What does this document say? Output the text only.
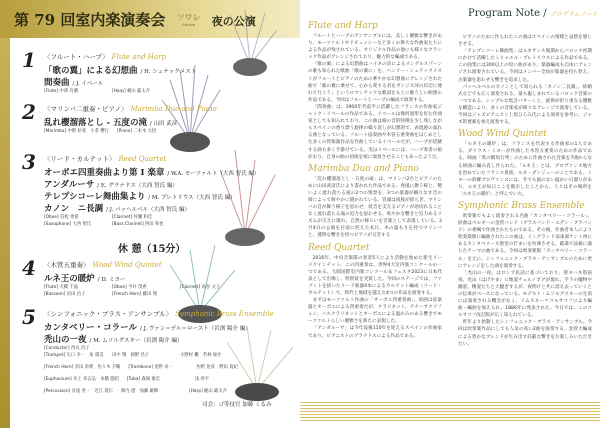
第 79 回室内楽演奏会 ソワレ
Soirée	夜の公演
1 〈フルート・ハープ〉 Flute and Harp
「歌の翼」による幻想曲 / H. シェテックメスト
間奏曲 / J. イベール
[Flute] 中澤 有蘭	[Harp] 梶山 厳太介
2 〈マリンバ二重奏・ピアノ〉 Marimba Duo and Piano
乱れ櫻溜落とし - 五度の滝 / 山田 武彦
[Marimba] 中野 絵希　小茶 響行 [Piano] 二木木 大悟
3 〈リード・カルテット〉 Reed Quartet
オーボエ四重奏曲より第 I 楽章 / W.A. モーツァルト（大西 智氏 編）
アンダルーサ / E. グラナドス（大西 智氏 編）
テレプシコーレ舞曲集より / M. プレトリウス（大西 智氏 編）
カノン　ニ長調 / J. パッヘルベル（大西 智氏 編）
[Oboe] 信松 勇希	[Clarinet] 村瀬 和佳
[Saxophone] 大西 智氏	[Bass Clarinet] 西田 和也
4 〈木管五重奏〉 Wood Wind Quintet
ルネ王の暖炉 / D. ミヨー
[Flute] 大橋 千晶	[Oboe] 今井 茂香	[Clarinet] 高谷 文子
[Bassoon] 岩田 昌子	[French Horn] 藤田 翔
5 〈シンフォニック・ブラス・アンサンブル〉 Symphonic Brass Ensemble
カンタベリー・コラール / J. ヴァン＝デル＝ロースト（岩渕 陽介 編）
禿山の一夜 / M. ムソルグスキー（岩渕 陽介 編）
[Conductor] 待丸 昌子
[Trumpet] 矢口 幸一　角 瑠美 田中 翔　岡野 昌子	小野村 楓　若林 俊介
[French Horn] 赤田 余菜　佐々木 夕稀 [Trombone] 星野 卓一	佐野 晃彦　野田 真紀
[Euphonium] 井上 喜志弘　本橋 悠昭 [Tuba] 森岡 康宏	浅 淳平
[Percussion] 長尾 英一　近江 義広 陣内 遼　加藤 雄輝	[Harp] 梶山 厳太介
休 憩（15分）
司会：ゴ等技官 加藤 くるみ
Flute and Harp

フルートとハープのアンサンブルには、美しく優雅な響きがあり、モーツァルトやドビュッシーなど多くの偉大な作曲家たちによる作品が残されている。オリジナル作品の他にも様々なクラシック作品がアレンジされており、魅力的な編成である。

「歌の翼」による幻想曲はハイネの詩によるメンデルスゾーンの歌も知られた歌曲「歌の翼に」を、ヘンリー・シェテックメストがフルートとピアノのための華やかな幻想曲にアレンジされた曲で「歌の翼に乗せて、心から愛する君をガンジス河の岸辺に連れて行こう」というロマンチックな歌詞をもとに歌うしい曲想の作品である。今回はフルートとハープの編成で演奏する。

「間奏曲」は、1900年代前半に活躍したフランスの作曲家ジャック・イベールの作品である。イベールは幾何図形を好む作曲家としても知られており、この曲は彼の音的特徴を少し残しながらスペインの香り漂う旋律の繰り返しが幻想的で、表現感の溢れる曲となっている。フルート協奏曲や木管五重奏曲をはじめとした多くの管楽器作品を作曲しているイベールだが、ハープが活躍する曲も多く手掛けている。実はイベールには、ハープ奏者の娘がおり、自身の曲の初演を娘に演奏させることもあったようだ。

Marimba Duo and Piano

「乱れ櫻溜落とし - 五度の滝」は、マリンバ2台とピアノのために山田武彦氏により書かれた作品である。春風に舞う桜と、勢いよく流れ落ちる滝の2つの情景を、3つの楽器が織りなす音の層によって鮮やかに描かれている。冒頭は夜桜が揺らぎ、マリンバの音が舞う様子を思わせ、低音を支えるピアノが途切れることなく流れ落ちる滝の迫力を思わせる。爽やかな響きと迫力あるリズムが交互に現れ、自然の移ろいを音楽として表現している。2月4日の公演を目前に控えた本日、木の温もりを持つマリンバと、透明な響きを持つピアノが交差する

Reed Quartet

2016年、中央音楽隊の奏者5人により活動を始めた新生リードクインテット。この四重奏は、世界4大室内楽コンクールの一つである、大阪国際室内楽コンクール＆フェスタ2023に日本代表として出場し、特別賞を受賞した。今回のステージでは、ファゴットを抜いたリード楽器4本によるカルテット編成（リード・カルテット）で、時代と地域を越えた4つの作品を演奏する。

まずはモーツァルト作曲の「オーボエ四重奏曲」。原曲は弦楽器とオーボエによる四重奏だが、クラリネット、テナーサクソフォン、バスクラリネットとオーボエによる温かみのある響きでモーツァルトらしい優雅さを新たに表現した。

「アンダルーサ」は今年没後110年を迎えるスペインの作曲家であり、ピアニストのグラナドスによる作品である。

Program Note / プログラムノート

ピアノのために作られたこの曲はスペインの情緒と哀愁を感じさせる。

「テレプシコーレ舞曲集」はルネサンス後期からバロック初期にかけて活躍したミヒャエル・プレトリウスによる作品である。この曲集には300以上の短い曲があり、楽器編成も自由にアレンジされ演奏されている。今回はメンバー全員が楽器を持ち替え、古楽器を思わせる響きを追求した。

パッヘルベルのカノンとして知られる「カノン二長調」。結婚式などでも広く演奏される、最も親しまれているバロック音楽の一つである。シンプルな低音パターンと、旋律が折り重なる優雅な構造により、多くの音楽家が様々なアレンジで演奏している。今回はジャズピアニスト上原ひろみ氏による演奏を参考に、ジャズ的要素を加え演奏する。

Wood Wind Quintet

「ルネ王の暖炉」は、フランスを代表する作曲家の1人である、ダリウス・ミヨーが作曲した木管五重奏のための作品である。映画「愛の騎馬行列」のために作曲された音楽を7曲からなる組曲に編み直し作られた。「ルネ王」とは、プロヴァンス地方を治めていたフランス貴族、ルネ・ダンジューのことである。ミヨーの故郷プロヴァンスには、冬でも風のない温かい日溜りがあり、ルネ王が毎日ここを散歩したことから、人々はその場所を「ルネ王の暖炉」と呼んでいた。

Symphonic Brass Ensemble

吹奏楽でもよく演奏される名曲「カンタベリー・コラール」。原曲はベルギーの金管バンド（ブラスバンド・エデン・ブラバンド）の委嘱で作曲されたものである。その後、作曲者本人により吹奏楽版に編曲されたこの曲は、イングランド南東部ケント州にあるカンタベリー大聖堂の佇まいを彷彿させる。厳粛で品格に満ちたテーマの曲である。今回は吹奏楽版「カンタベリー・コラール」を元に、シンフォニック・ブラス・アンサンブルのために更にアレンジをした曲を演奏する。

「禿山の一夜」はロシア民話に基づいており、聖ヨハネ祭前夜、禿山（はげやま）に地霊チェルノボグが現れ、手下の魔物や幽霊、精霊たちと大騒ぎするが、夜明けと共に消え去っていくとの伝承がベースになっている。モデスト・ムソルグスキーの生前には演奏される機会がなく、リムスキー＝コルサコフにより編曲・編曲を加えられ、1886年に発表された。今日では、このコルサコフ改訂版が広く知られている。

昨年より始動したシンフォニック・ブラス・アンサンブル。今回は吹奏楽作品にしても人気の高い2曲を演奏する。金管大編成による豊かなブレンドが生み出す荘厳な響きをお楽しみいただきたい。
